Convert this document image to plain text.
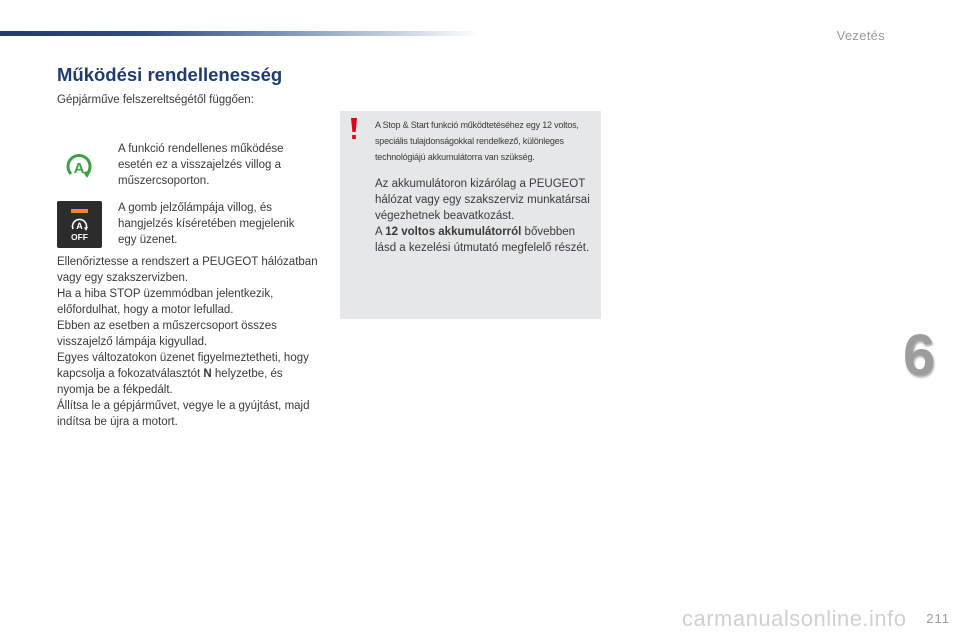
Vezetés
Működési rendellenesség
Gépjárműve felszereltségétől függően:
A
A funkció rendellenes működése esetén ez a visszajelzés villog a műszercsoporton.
A
OFF
A gomb jelzőlámpája villog, és hangjelzés kíséretében megjelenik egy üzenet.

Ellenőriztesse a rendszert a PEUGEOT hálózatban vagy egy szakszervizben.

Ha a hiba STOP üzemmódban jelentkezik, előfordulhat, hogy a motor lefullad.

Ebben az esetben a műszercsoport összes visszajelző lámpája kigyullad.

Egyes változatokon üzenet figyelmeztetheti, hogy kapcsolja a fokozatválasztót N helyzetbe, és nyomja be a fékpedált.

Állítsa le a gépjárművet, vegye le a gyújtást, majd indítsa be újra a motort.

A Stop & Start funkció működtetéséhez egy 12 voltos, speciális tulajdonságokkal rendelkező, különleges technológiájú akkumulátorra van szükség.

Az akkumulátoron kizárólag a PEUGEOT hálózat vagy egy szakszerviz munkatársai végezhetnek beavatkozást.

A 12 voltos akkumulátorról bővebben lásd a kezelési útmutató megfelelő részét.

6
carmanualsonline.info 211
